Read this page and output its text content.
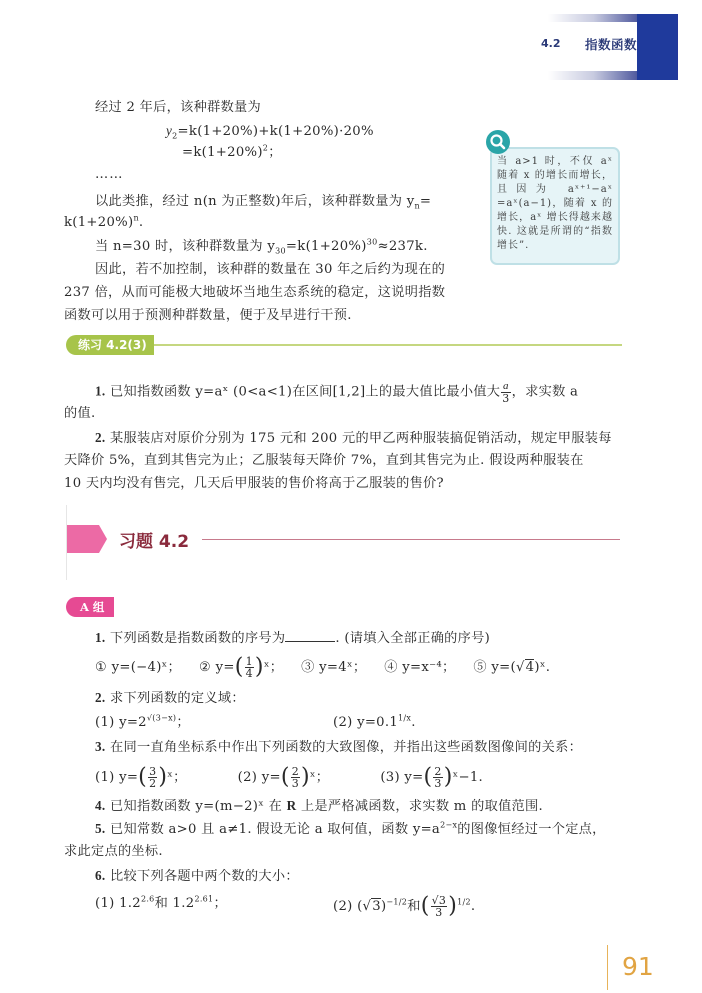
4.2 指数函数
经过 2 年后，该种群数量为
$y_2=k(1+20\%)+k(1+20\%)\cdot 20\%$
$=k(1+20\%)^2$；
……
以此类推，经过 n(n 为正整数)年后，该种群数量为 $y_n=$
$k(1+20\%)^n$.
当 n=30 时，该种群数量为 $y_{30}=k(1+20\%)^{30}\approx 237k$.
因此，若不加控制，该种群的数量在 30 年之后约为现在的
237 倍，从而可能极大地破坏当地生态系统的稳定，这说明指数
函数可以用于预测种群数量，便于及早进行干预.
当 a>1 时，不仅 aˣ 随着 x 的增长而增长，且因为 aˣ⁺¹−aˣ =aˣ(a−1)，随着 x 的增长，aˣ 增长得越来越快. 这就是所谓的“指数增长”.
练习 4.2(3)
1. 已知指数函数 y=aˣ (0<a<1)在区间[1,2]上的最大值比最小值大 $\frac{a}{3}$ ，求实数 a
的值.
2. 某服装店对原价分别为 175 元和 200 元的甲乙两种服装搞促销活动，规定甲服装每
天降价 5%，直到其售完为止；乙服装每天降价 7%，直到其售完为止. 假设两种服装在
10 天内均没有售完，几天后甲服装的售价将高于乙服装的售价?
习题 4.2
A 组
1. 下列函数是指数函数的序号为	. (请填入全部正确的序号)
① y=(−4)ˣ； ② $y=( \frac{1}{4}$ )ˣ； ③ y=4ˣ； ④ y=x⁻⁴； ⑤ y=(√4)ˣ.
2. 求下列函数的定义域：
(1) $y=2^{√(3-x)}$；	(2) $y=0.1^{1/x}$.
3. 在同一直角坐标系中作出下列函数的大致图像，并指出这些函数图像间的关系：
(1) $y=( \frac{3}{2}$ )ˣ；	(2) $y=( \frac{2}{3}$ )ˣ；	(3) $y=( \frac{2}{3}$ )ˣ−1.
4. 已知指数函数 y=(m−2)ˣ 在 R 上是严格减函数，求实数 m 的取值范围.
5. 已知常数 a>0 且 a≠1. 假设无论 a 取何值，函数 $y=a^{2-x}$的图像恒经过一个定点，
求此定点的坐标.
6. 比较下列各题中两个数的大小：
(1) $1.2^{2.6}$和 $1.2^{2.61}$；	(2) $(√3)^{-1/2}$和( $\frac{√3}{3} )^{1/2}$.
91
